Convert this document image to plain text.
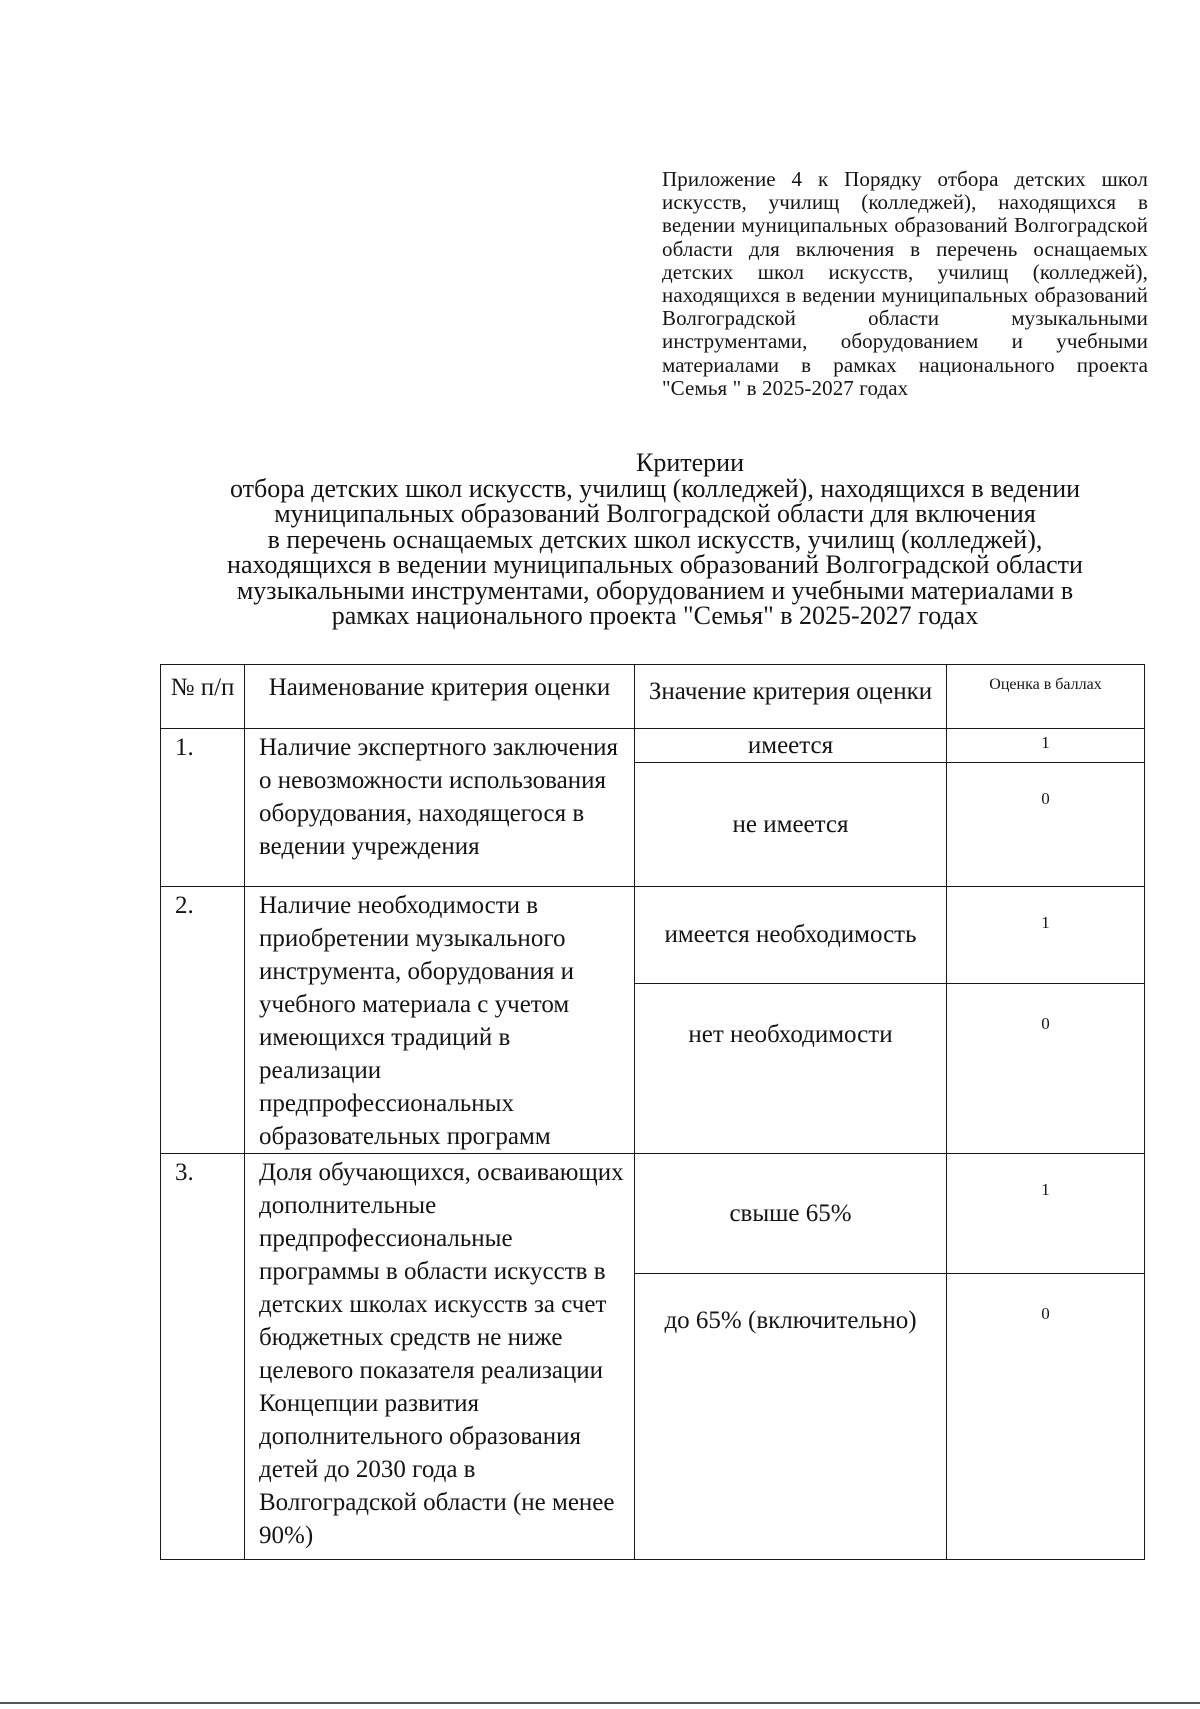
Приложение 4 к Порядку отбора детских школ искусств, училищ (колледжей), находящихся в ведении муниципальных образований Волгоградской области для включения в перечень оснащаемых детских школ искусств, училищ (колледжей), находящихся в ведении муниципальных образований Волгоградской области музыкальными инструментами, оборудованием и учебными материалами в рамках национального проекта "Семья " в 2025-2027 годах
Критерии
отбора детских школ искусств, училищ (колледжей), находящихся в ведении
муниципальных образований Волгоградской области для включения
в перечень оснащаемых детских школ искусств, училищ (колледжей),
находящихся в ведении муниципальных образований Волгоградской области
музыкальными инструментами, оборудованием и учебными материалами в
рамках национального проекта "Семья" в 2025-2027 годах
№ п/п	Наименование критерия оценки	Значение критерия оценки	Оценка в баллах
1.	Наличие экспертного заключения о невозможности использования оборудования, находящегося в ведении учреждения	имеется	1
		не имеется	0
2.	Наличие необходимости в приобретении музыкального инструмента, оборудования и учебного материала с учетом имеющихся традиций в реализации предпрофессиональных образовательных программ	имеется необходимость	1
		нет необходимости	0
3.	Доля обучающихся, осваивающих дополнительные предпрофессиональные программы в области искусств в детских школах искусств за счет бюджетных средств не ниже целевого показателя реализации Концепции развития дополнительного образования детей до 2030 года в Волгоградской области (не менее 90%)	свыше 65%	1
		до 65% (включительно)	0
